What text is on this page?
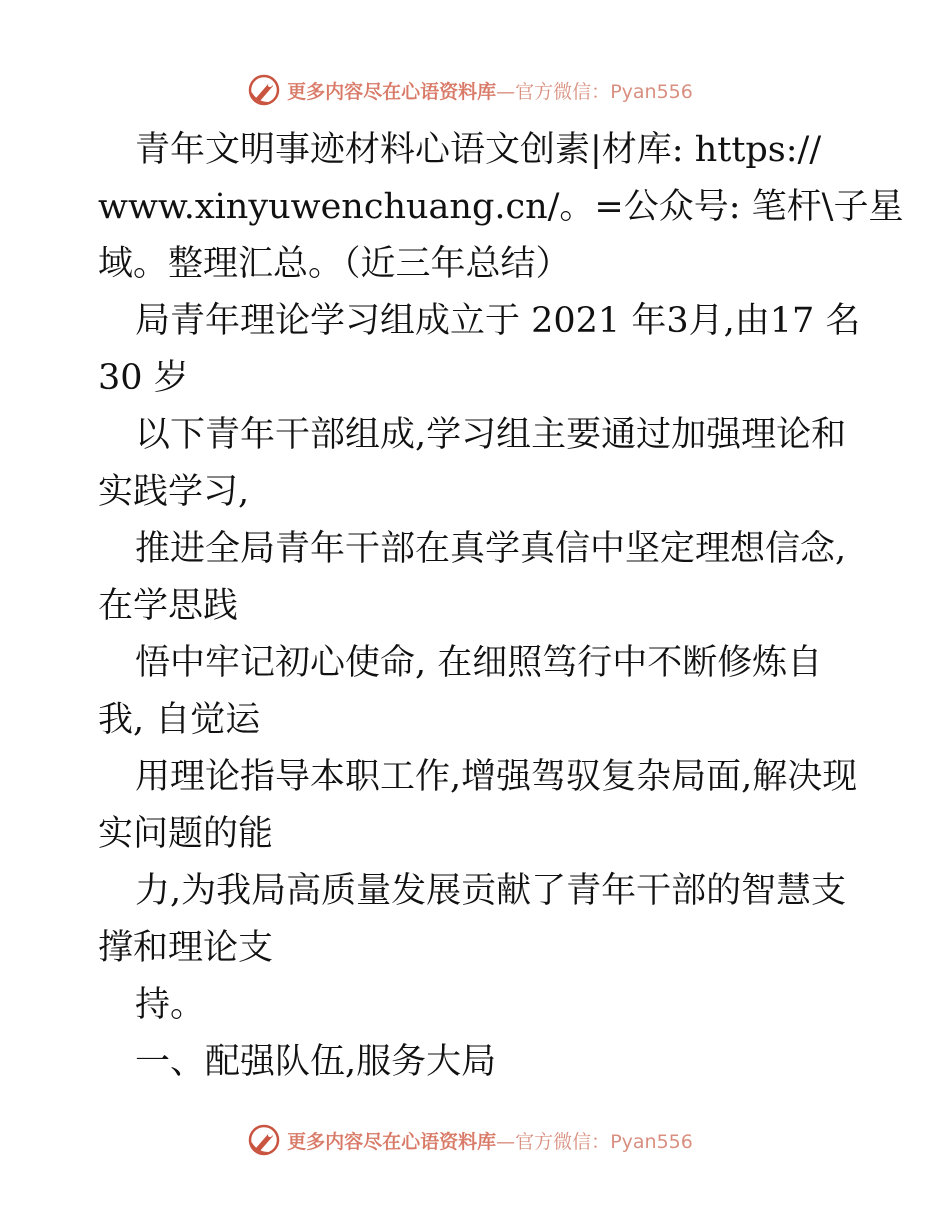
更多内容尽在心语资料库—官方微信：Pyan556
青年文明事迹材料心语文创素|材库: https://
www.xinyuwenchuang.cn/。=公众号: 笔杆\子星
域。整理汇总。（近三年总结）
局青年理论学习组成立于 2021 年3月,由17 名
30 岁
以下青年干部组成,学习组主要通过加强理论和
实践学习,
推进全局青年干部在真学真信中坚定理想信念,
在学思践
悟中牢记初心使命, 在细照笃行中不断修炼自
我, 自觉运
用理论指导本职工作,增强驾驭复杂局面,解决现
实问题的能
力,为我局高质量发展贡献了青年干部的智慧支
撑和理论支
持。
一、配强队伍,服务大局
更多内容尽在心语资料库—官方微信：Pyan556
